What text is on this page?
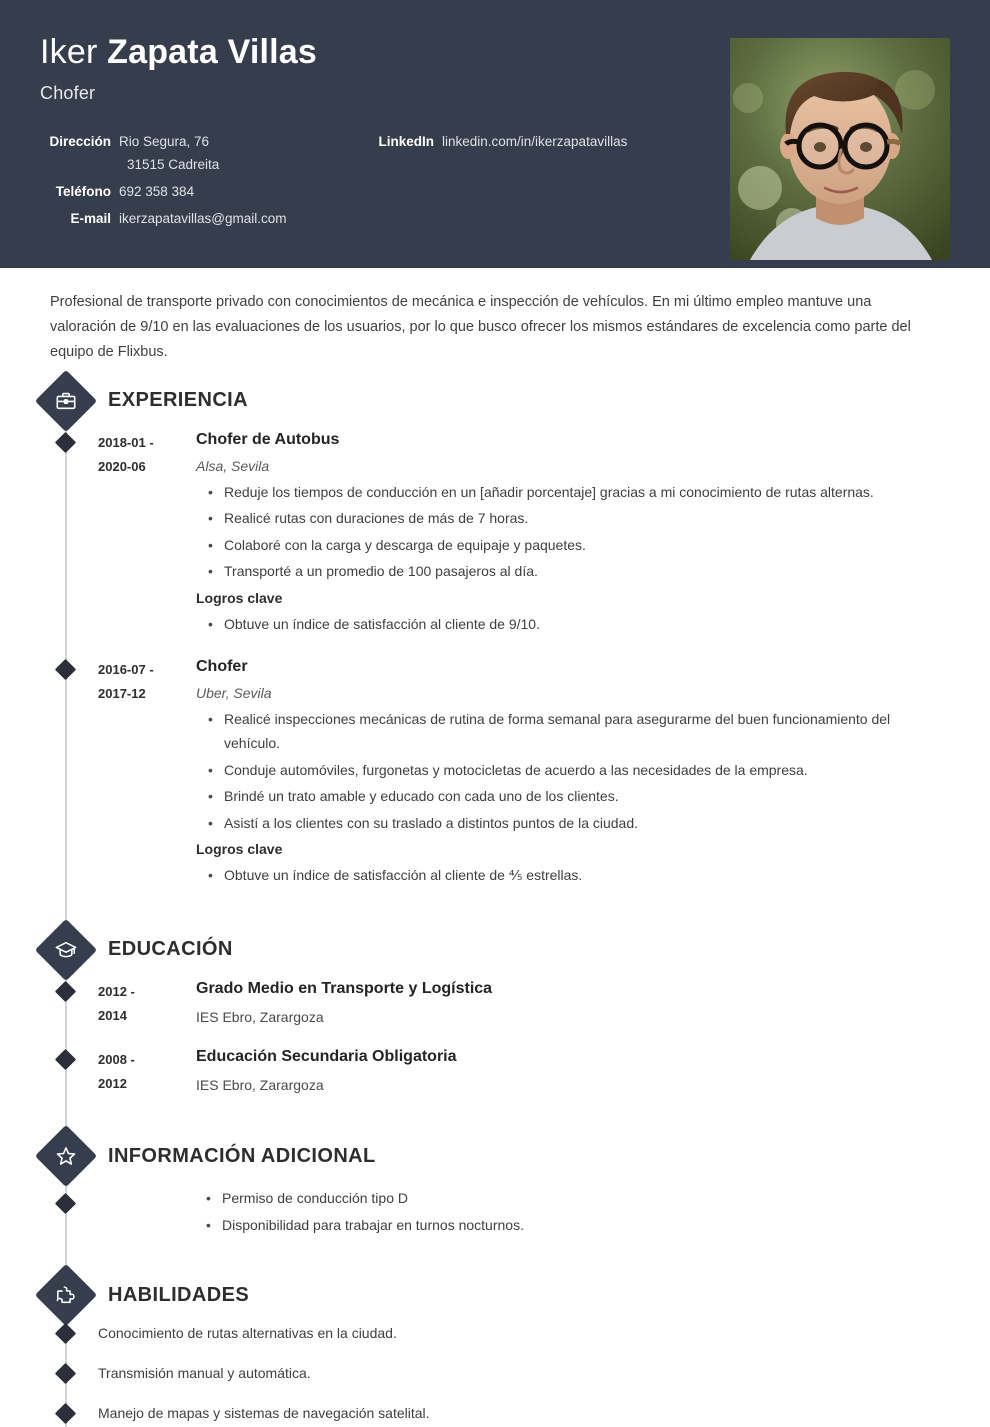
Iker Zapata Villas
Chofer
Dirección Rio Segura, 76
31515 Cadreita
Teléfono 692 358 384
E-mail ikerzapatavillas@gmail.com
LinkedIn linkedin.com/in/ikerzapatavillas
Profesional de transporte privado con conocimientos de mecánica e inspección de vehículos. En mi último empleo mantuve una valoración de 9/10 en las evaluaciones de los usuarios, por lo que busco ofrecer los mismos estándares de excelencia como parte del equipo de Flixbus.
EXPERIENCIA
2018-01 -
2020-06
Chofer de Autobus
Alsa, Sevila
• Reduje los tiempos de conducción en un [añadir porcentaje] gracias a mi conocimiento de rutas alternas.
• Realicé rutas con duraciones de más de 7 horas.
• Colaboré con la carga y descarga de equipaje y paquetes.
• Transporté a un promedio de 100 pasajeros al día.
Logros clave
• Obtuve un índice de satisfacción al cliente de 9/10.
2016-07 -
2017-12
Chofer
Uber, Sevila
• Realicé inspecciones mecánicas de rutina de forma semanal para asegurarme del buen funcionamiento del vehículo.
• Conduje automóviles, furgonetas y motocicletas de acuerdo a las necesidades de la empresa.
• Brindé un trato amable y educado con cada uno de los clientes.
• Asistí a los clientes con su traslado a distintos puntos de la ciudad.
Logros clave
• Obtuve un índice de satisfacción al cliente de ⅘ estrellas.
EDUCACIÓN
2012 -
2014
Grado Medio en Transporte y Logística
IES Ebro, Zarargoza
2008 -
2012
Educación Secundaria Obligatoria
IES Ebro, Zarargoza
INFORMACIÓN ADICIONAL
• Permiso de conducción tipo D
• Disponibilidad para trabajar en turnos nocturnos.
HABILIDADES
Conocimiento de rutas alternativas en la ciudad.
Transmisión manual y automática.
Manejo de mapas y sistemas de navegación satelital.
